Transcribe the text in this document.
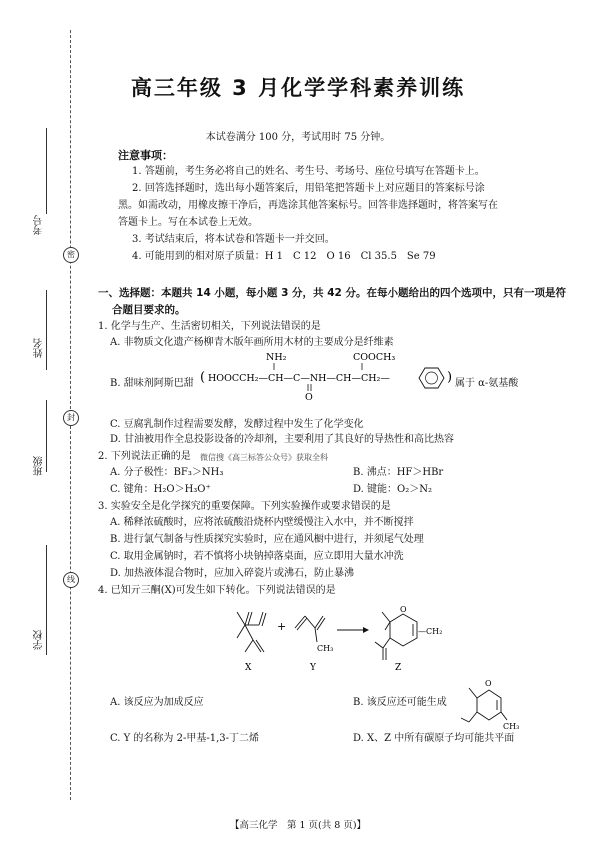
密
封
线
考号
姓名
班级
学校
高三年级 3 月化学学科素养训练
本试卷满分 100 分，考试用时 75 分钟。
注意事项：
1. 答题前，考生务必将自己的姓名、考生号、考场号、座位号填写在答题卡上。
2. 回答选择题时，选出每小题答案后，用铅笔把答题卡上对应题目的答案标号涂
黑。如需改动，用橡皮擦干净后，再选涂其他答案标号。回答非选择题时，将答案写在
答题卡上。写在本试卷上无效。
3. 考试结束后，将本试卷和答题卡一并交回。
4. 可能用到的相对原子质量：H 1　C 12　O 16　Cl 35.5　Se 79
一、选择题：本题共 14 小题，每小题 3 分，共 42 分。在每小题给出的四个选项中，只有一项是符
合题目要求的。
1. 化学与生产、生活密切相关，下列说法错误的是
A. 非物质文化遗产杨柳青木版年画所用木材的主要成分是纤维素
B. 甜味剂阿斯巴甜 (
NH₂	COOCH₃
HOOCCH₂—CH—C—NH—CH—CH₂—
O
) 属于 α-氨基酸
C. 豆腐乳制作过程需要发酵，发酵过程中发生了化学变化
D. 甘油被用作全息投影设备的冷却剂，主要利用了其良好的导热性和高比热容
2. 下列说法正确的是 微信搜《高三标答公众号》获取全科
A. 分子极性：BF₃＞NH₃	B. 沸点：HF＞HBr
C. 键角：H₂O＞H₃O⁺	D. 键能：O₂＞N₂
3. 实验安全是化学探究的重要保障。下列实验操作或要求错误的是
A. 稀释浓硫酸时，应将浓硫酸沿烧杯内壁缓慢注入水中，并不断搅拌
B. 进行氯气制备与性质探究实验时，应在通风橱中进行，并须尾气处理
C. 取用金属钠时，若不慎将小块钠掉落桌面，应立即用大量水冲洗
D. 加热液体混合物时，应加入碎瓷片或沸石，防止暴沸
4. 已知亓三酮(X)可发生如下转化。下列说法错误的是
X
+
CH₃
Y
O
—CH₂
Z
A. 该反应为加成反应	B. 该反应还可能生成
O
CH₃
C. Y 的名称为 2-甲基-1,3-丁二烯	D. X、Z 中所有碳原子均可能共平面
【高三化学　第 1 页(共 8 页)】
